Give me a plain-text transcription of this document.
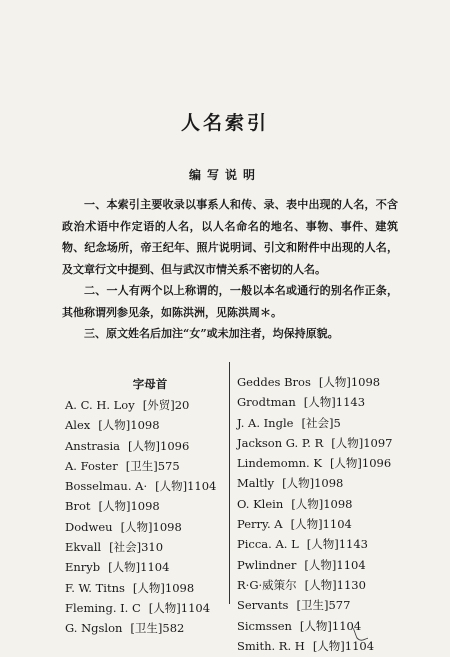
人名索引
编写说明

一、本索引主要收录以事系人和传、录、表中出现的人名，不含政治术语中作定语的人名，以人名命名的地名、事物、事件、建筑物、纪念场所，帝王纪年、照片说明词、引文和附件中出现的人名，及文章行文中提到、但与武汉市情关系不密切的人名。

二、一人有两个以上称谓的，一般以本名或通行的别名作正条，其他称谓列参见条，如陈洪洲，见陈洪周＊。

三、原文姓名后加注“女”或未加注者，均保持原貌。

字母首
A. C. H. Loy [外贸]20
Alex [人物]1098
Anstrasia [人物]1096
A. Foster [卫生]575
Bosselmau. A· [人物]1104
Brot [人物]1098
Dodweu [人物]1098
Ekvall [社会]310
Enryb [人物]1104
F. W. Titns [人物]1098
Fleming. I. C [人物]1104
G. Ngslon [卫生]582
Geddes Bros [人物]1098
Grodtman [人物]1143
J. A. Ingle [社会]5
Jackson G. P. R [人物]1097
Lindemomn. K [人物]1096
Maltly [人物]1098
O. Klein [人物]1098
Perry. A [人物]1104
Picca. A. L [人物]1143
Pwlindner [人物]1104
R·G·威策尔 [人物]1130
Servants [卫生]577
Sicmssen [人物]1104
Smith. R. H [人物]1104
